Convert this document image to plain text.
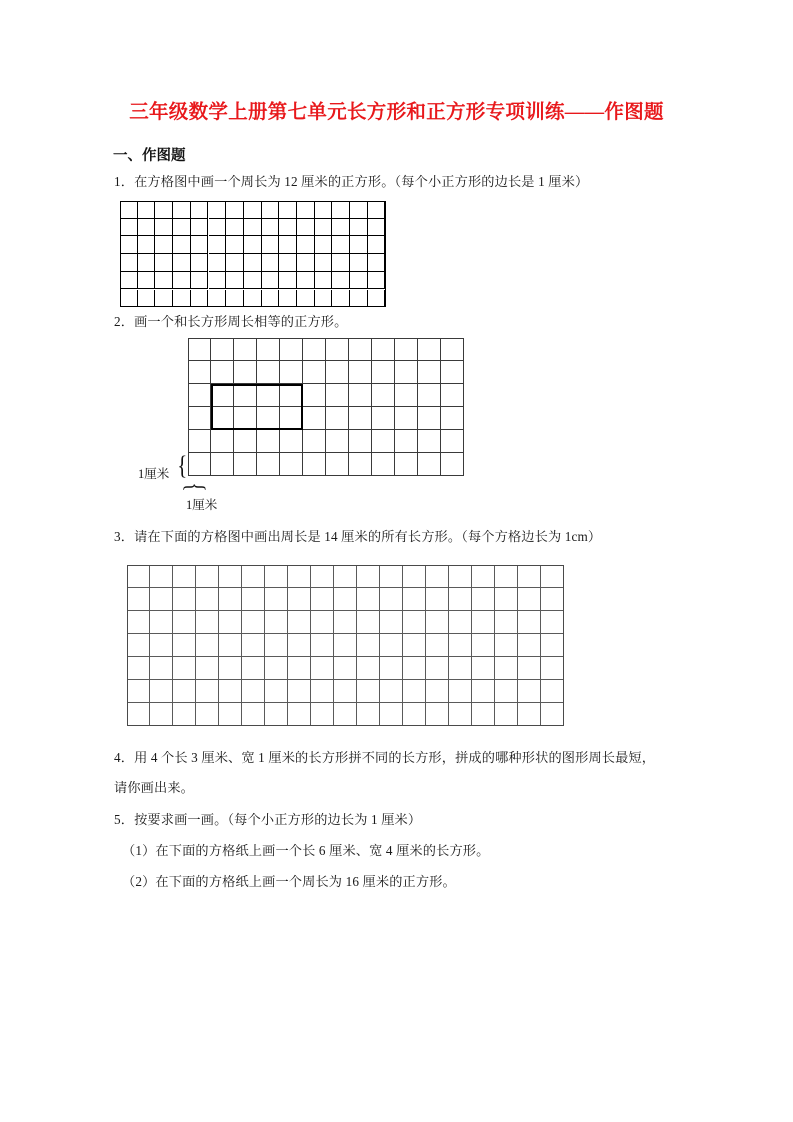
三年级数学上册第七单元长方形和正方形专项训练——作图题
一、作图题
1．在方格图中画一个周长为 12 厘米的正方形。（每个小正方形的边长是 1 厘米）
2．画一个和长方形周长相等的正方形。
1厘米 {
{
1厘米
3．请在下面的方格图中画出周长是 14 厘米的所有长方形。（每个方格边长为 1cm）
4．用 4 个长 3 厘米、宽 1 厘米的长方形拼不同的长方形，拼成的哪种形状的图形周长最短，
请你画出来。
5．按要求画一画。（每个小正方形的边长为 1 厘米）
（1）在下面的方格纸上画一个长 6 厘米、宽 4 厘米的长方形。
（2）在下面的方格纸上画一个周长为 16 厘米的正方形。
